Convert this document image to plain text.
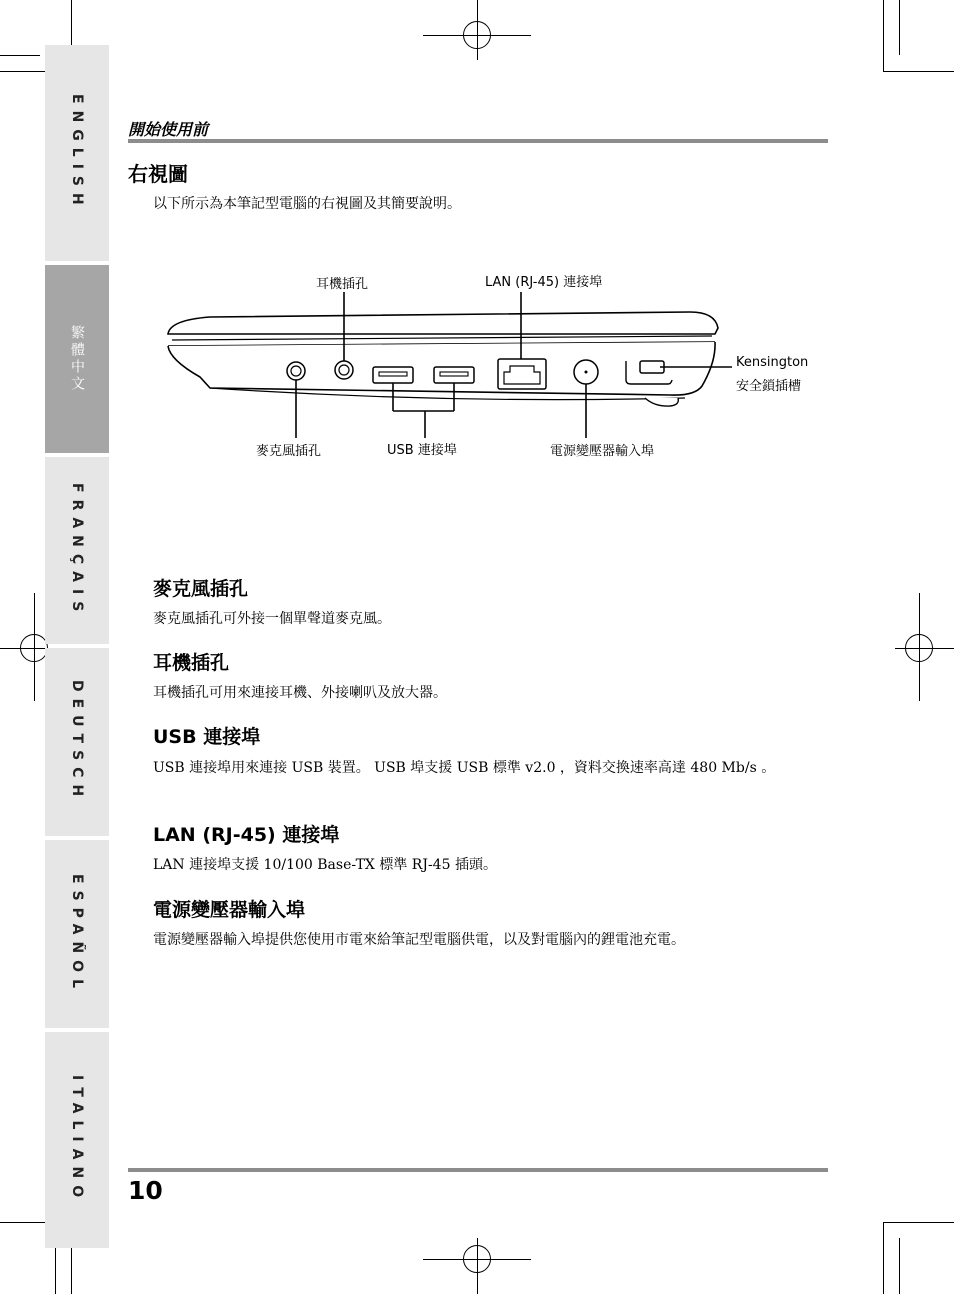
ENGLISH
繁體中文
FRANÇAIS
DEUTSCH
ESPAÑOL
ITALIANO
開始使用前
右視圖
以下所示為本筆記型電腦的右視圖及其簡要說明。
耳機插孔	LAN (RJ-45) 連接埠
Kensington
安全鎖插槽
麥克風插孔	USB 連接埠	電源變壓器輸入埠
麥克風插孔
麥克風插孔可外接一個單聲道麥克風。
耳機插孔
耳機插孔可用來連接耳機、外接喇叭及放大器。
USB 連接埠
USB 連接埠用來連接 USB 裝置。 USB 埠支援 USB 標準 v2.0 ，資料交換速率高達 480 Mb/s 。
LAN (RJ-45) 連接埠
LAN 連接埠支援 10/100 Base-TX 標準 RJ-45 插頭。
電源變壓器輸入埠
電源變壓器輸入埠提供您使用市電來給筆記型電腦供電，以及對電腦內的鋰電池充電。
10
